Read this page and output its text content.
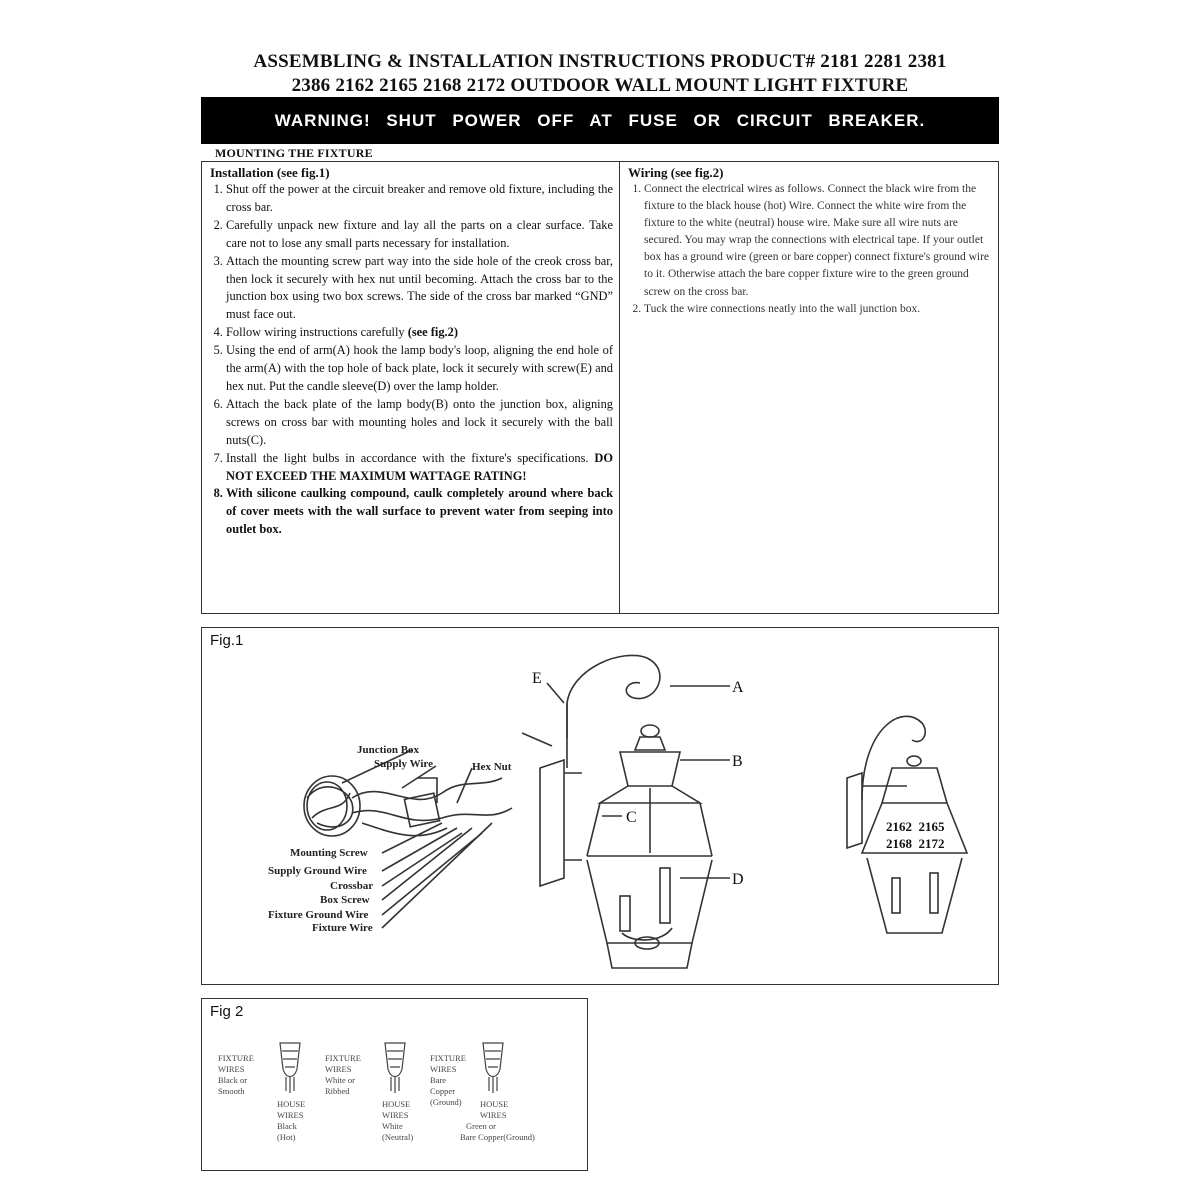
ASSEMBLING & INSTALLATION INSTRUCTIONS PRODUCT# 2181 2281 2381
2386 2162 2165 2168 2172 OUTDOOR WALL MOUNT LIGHT FIXTURE
WARNING! SHUT POWER OFF AT FUSE OR CIRCUIT BREAKER.
MOUNTING THE FIXTURE
Installation (see fig.1)
1. Shut off the power at the circuit breaker and remove old fixture, including the cross bar.
2. Carefully unpack new fixture and lay all the parts on a clear surface. Take care not to lose any small parts necessary for installation.
3. Attach the mounting screw part way into the side hole of the creok cross bar, then lock it securely with hex nut until becoming. Attach the cross bar to the junction box using two box screws. The side of the cross bar marked “GND” must face out.
4. Follow wiring instructions carefully (see fig.2)
5. Using the end of arm(A) hook the lamp body's loop, aligning the end hole of the arm(A) with the top hole of back plate, lock it securely with screw(E) and hex nut. Put the candle sleeve(D) over the lamp holder.
6. Attach the back plate of the lamp body(B) onto the junction box, aligning screws on cross bar with mounting holes and lock it securely with the ball nuts(C).
7. Install the light bulbs in accordance with the fixture's specifications. DO NOT EXCEED THE MAXIMUM WATTAGE RATING!
8. With silicone caulking compound, caulk completely around where back of cover meets with the wall surface to prevent water from seeping into outlet box.
Wiring (see fig.2)
1. Connect the electrical wires as follows. Connect the black wire from the fixture to the black house (hot) Wire. Connect the white wire from the fixture to the white (neutral) house wire. Make sure all wire nuts are secured. You may wrap the connections with electrical tape. If your outlet box has a ground wire (green or bare copper) connect fixture's ground wire to it. Otherwise attach the bare copper fixture wire to the green ground screw on the cross bar.
2. Tuck the wire connections neatly into the wall junction box.
Fig.1
E
A
B
C
D
Junction Box
Supply Wire	Hex Nut
Mounting Screw
Supply Ground Wire
Crossbar
Box Screw
Fixture Ground Wire
Fixture Wire
2162  2165
2168  2172
Fig 2
FIXTURE
WIRES
Black or
Smooth
HOUSE
WIRES
Black
(Hot)
FIXTURE
WIRES
White or
Ribbed
HOUSE
WIRES
White
(Neutral)
FIXTURE
WIRES
Bare
Copper
(Ground) HOUSE
WIRES
Green or
Bare Copper(Ground)
